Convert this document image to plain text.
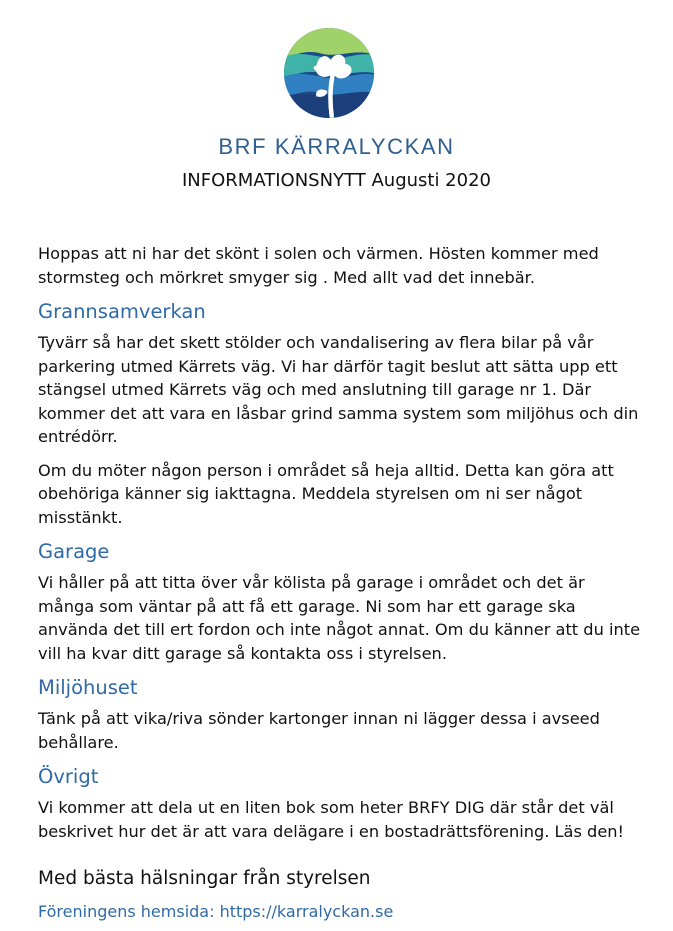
BRF KÄRRALYCKAN
INFORMATIONSNYTT Augusti 2020

Hoppas att ni har det skönt i solen och värmen. Hösten kommer med stormsteg och mörkret smyger sig . Med allt vad det innebär.

Grannsamverkan

Tyvärr så har det skett stölder och vandalisering av flera bilar på vår parkering utmed Kärrets väg. Vi har därför tagit beslut att sätta upp ett stängsel utmed Kärrets väg och med anslutning till garage nr 1. Där kommer det att vara en låsbar grind samma system som miljöhus och din entrédörr.

Om du möter någon person i området så heja alltid. Detta kan göra att obehöriga känner sig iakttagna. Meddela styrelsen om ni ser något misstänkt.

Garage

Vi håller på att titta över vår kölista på garage i området och det är många som väntar på att få ett garage. Ni som har ett garage ska använda det till ert fordon och inte något annat. Om du känner att du inte vill ha kvar ditt garage så kontakta oss i styrelsen.

Miljöhuset

Tänk på att vika/riva sönder kartonger innan ni lägger dessa i avseed behållare.

Övrigt

Vi kommer att dela ut en liten bok som heter BRFY DIG där står det väl beskrivet hur det är att vara delägare i en bostadrättsförening. Läs den!

Med bästa hälsningar från styrelsen
Föreningens hemsida: https://karralyckan.se
